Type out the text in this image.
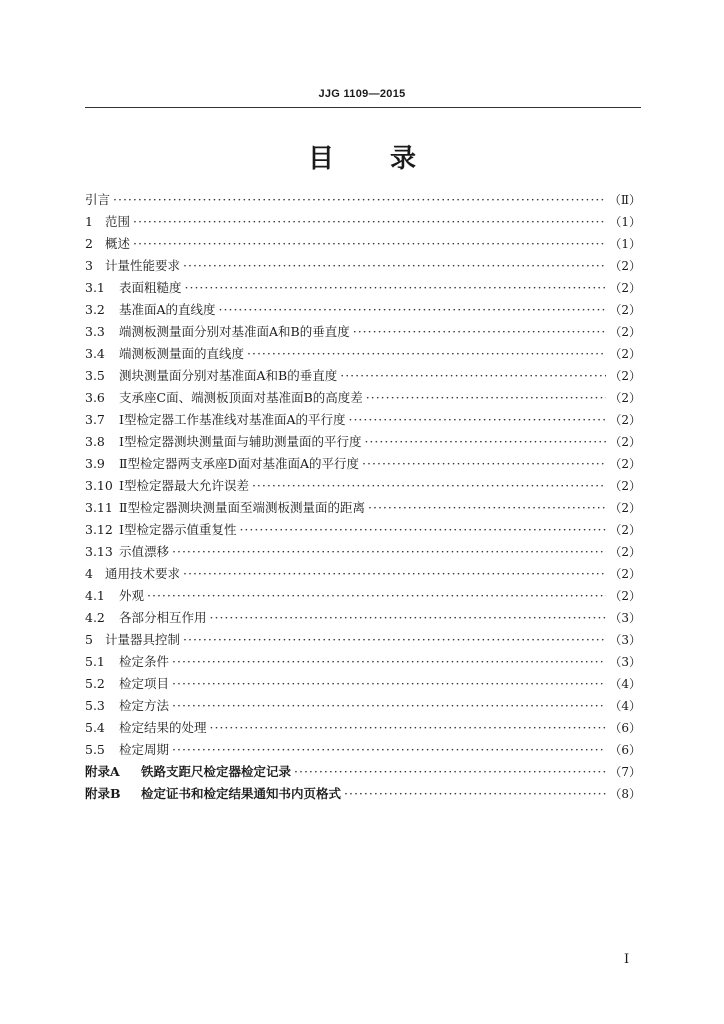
JJG 1109—2015
目录
引言 ·····	（Ⅱ）
1 范围 ·····	（1）
2 概述 ·····	（1）
3 计量性能要求 ·····	（2）
3.1	表面粗糙度 ·····	（2）
3.2	基准面A的直线度 ·····	（2）
3.3	端测板测量面分别对基准面A和B的垂直度 ·····	（2）
3.4	端测板测量面的直线度 ·····	（2）
3.5	测块测量面分别对基准面A和B的垂直度 ·····	（2）
3.6	支承座C面、端测板顶面对基准面B的高度差 ·····	（2）
3.7	Ⅰ型检定器工作基准线对基准面A的平行度 ·····	（2）
3.8	Ⅰ型检定器测块测量面与辅助测量面的平行度 ·····	（2）
3.9	Ⅱ型检定器两支承座D面对基准面A的平行度 ·····	（2）
3.10 Ⅰ型检定器最大允许误差 ·····	（2）
3.11 Ⅱ型检定器测块测量面至端测板测量面的距离 ·····	（2）
3.12 Ⅰ型检定器示值重复性 ·····	（2）
3.13 示值漂移 ·····	（2）
4 通用技术要求 ·····	（2）
4.1	外观 ·····	（2）
4.2	各部分相互作用 ·····	（3）
5 计量器具控制 ·····	（3）
5.1	检定条件 ·····	（3）
5.2	检定项目 ·····	（4）
5.3	检定方法 ·····	（4）
5.4	检定结果的处理 ·····	（6）
5.5	检定周期 ·····	（6）
附录A	铁路支距尺检定器检定记录 ·····	（7）
附录B	检定证书和检定结果通知书内页格式 ·····	（8）
I
